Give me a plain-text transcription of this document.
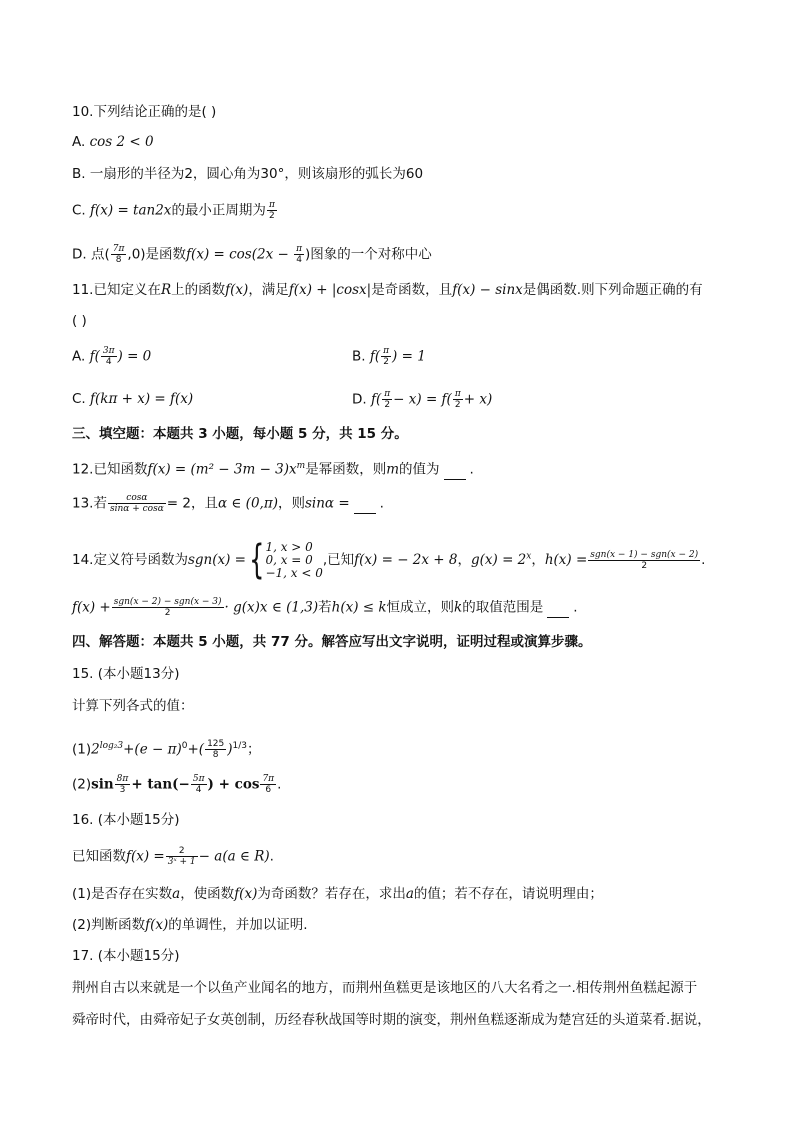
10.下列结论正确的是( )
A. cos 2 < 0
B. 一扇形的半径为2，圆心角为30°，则该扇形的弧长为60
C. f(x) = tan2x的最小正周期为 $\frac{\pi}{2}$
D. 点( $\frac{7\pi}{8} ,0$)是函数$f(x) = \cos(2x - \frac{\pi}{4}$ )图象的一个对称中心
11.已知定义在R上的函数f(x)，满足f(x) + |cosx|是奇函数，且f(x) − sinx是偶函数.则下列命题正确的有
( )
A. $f( \frac{3\pi}{4}$ ) = 0	B. $f( \frac{\pi}{2}$ ) = 1
C. f(kπ + x) = f(x)	D. $f( \frac{\pi}{2} - x) = f( \frac{\pi}{2} + x)$
三、填空题：本题共 3 小题，每小题 5 分，共 15 分。
12.已知函数$f(x) = (m^2 - 3m - 3)x^m$是幂函数，则m的值为 .
13.若 $\frac{\cos\alpha}{\sin\alpha + \cos\alpha} = 2$，且α ∈ (0,π)，则sinα = .
14.定义符号函数为sgn(x) ={ 1, x > 0
0, x = 0
−1, x < 0
,已知f(x) = − 2x + 8，$g(x) = 2^x$，$h(x) = \frac{\text{sgn(x − 1) − sgn(x − 2)}}{2}$ .
$f(x) + \frac{\text{sgn(x − 2) − sgn(x − 3)}}{2} \cdot g(x)x$ ∈ (1,3)若h(x) ≤ k恒成立，则k的取值范围是 .
四、解答题：本题共 5 小题，共 77 分。解答应写出文字说明，证明过程或演算步骤。
15. (本小题13分)
计算下列各式的值：
$(1)2^{log_23}+(e - \pi)^0+( \frac{125}{8} )^{1/3}$；
$(2)\sin \frac{8\pi}{3} + \tan(- \frac{5\pi}{4}$ ) + $\cos \frac{7\pi}{6}$ .
16. (本小题15分)
已知函数$f(x) = \frac{2}{\text{3ˣ + 1}} - a(a$ ∈ R).
(1)是否存在实数a，使函数f(x)为奇函数？若存在，求出a的值；若不存在，请说明理由；
(2)判断函数f(x)的单调性，并加以证明.
17. (本小题15分)
荆州自古以来就是一个以鱼产业闻名的地方，而荆州鱼糕更是该地区的八大名肴之一.相传荆州鱼糕起源于
舜帝时代，由舜帝妃子女英创制，历经春秋战国等时期的演变，荆州鱼糕逐渐成为楚宫廷的头道菜肴.据说，
